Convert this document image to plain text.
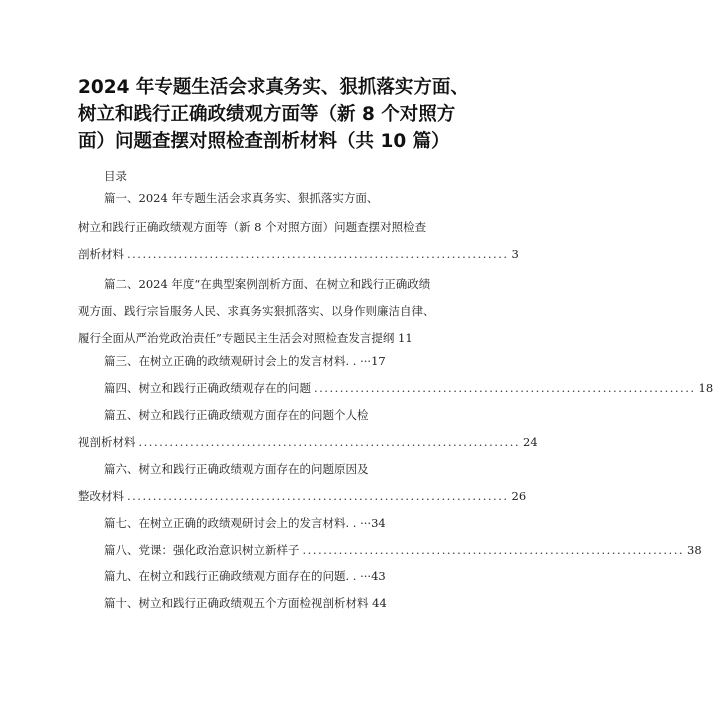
2024 年专题生活会求真务实、狠抓落实方面、
树立和践行正确政绩观方面等（新 8 个对照方
面）问题查摆对照检查剖析材料（共 10 篇）
目录
篇一、2024 年专题生活会求真务实、狠抓落实方面、
树立和践行正确政绩观方面等（新 8 个对照方面）问题查摆对照检查
剖析材料 .......................................................................... 3
篇二、2024 年度“在典型案例剖析方面、在树立和践行正确政绩
观方面、践行宗旨服务人民、求真务实狠抓落实、以身作则廉洁自律、
履行全面从严治党政治责任”专题民主生活会对照检查发言提纲 11
篇三、在树立正确的政绩观研讨会上的发言材料. . ···17
篇四、树立和践行正确政绩观存在的问题 .......................................................................... 18
篇五、树立和践行正确政绩观方面存在的问题个人检
视剖析材料 .......................................................................... 24
篇六、树立和践行正确政绩观方面存在的问题原因及
整改材料 .......................................................................... 26
篇七、在树立正确的政绩观研讨会上的发言材料. . ···34
篇八、党课：强化政治意识树立新样子 .......................................................................... 38
篇九、在树立和践行正确政绩观方面存在的问题. . ···43
篇十、树立和践行正确政绩观五个方面检视剖析材料 44
